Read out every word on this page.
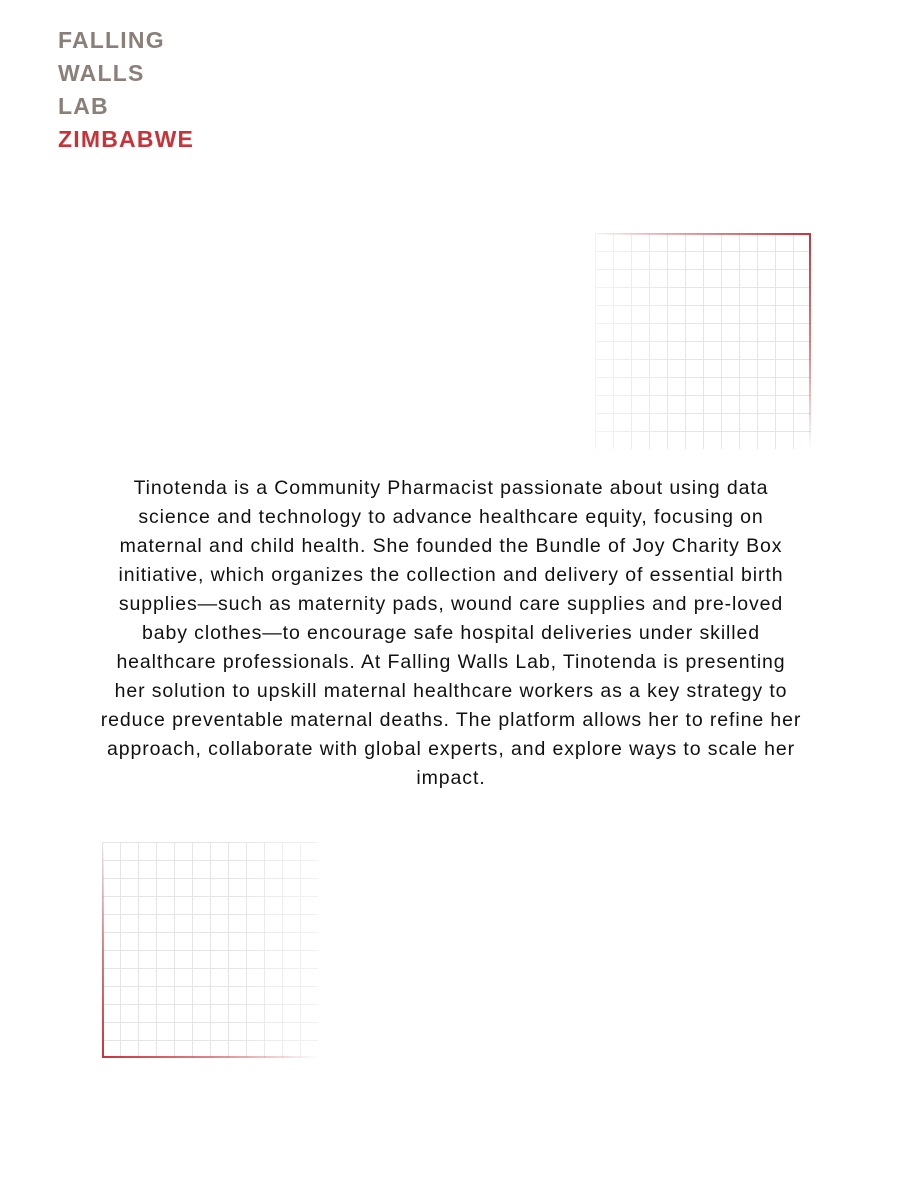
FALLING
WALLS
LAB
ZIMBABWE

Tinotenda is a Community Pharmacist passionate about using data science and technology to advance healthcare equity, focusing on maternal and child health. She founded the Bundle of Joy Charity Box initiative, which organizes the collection and delivery of essential birth supplies—such as maternity pads, wound care supplies and pre-loved baby clothes—to encourage safe hospital deliveries under skilled healthcare professionals. At Falling Walls Lab, Tinotenda is presenting her solution to upskill maternal healthcare workers as a key strategy to reduce preventable maternal deaths. The platform allows her to refine her approach, collaborate with global experts, and explore ways to scale her impact.
